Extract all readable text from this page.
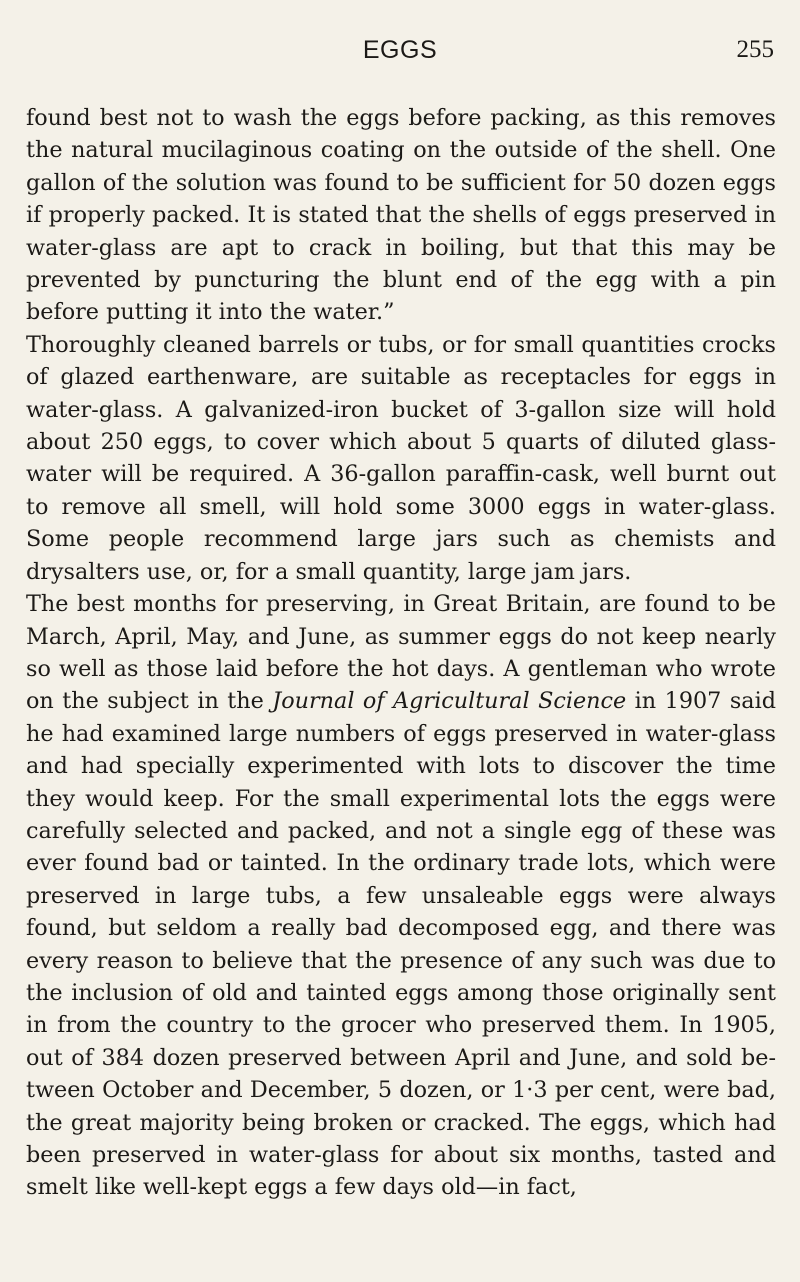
EGGS	255

found best not to wash the eggs before packing, as this removes the natural mucilaginous coating on the outside of the shell. One gallon of the solution was found to be sufficient for 50 dozen eggs if properly packed. It is stated that the shells of eggs preserved in water-glass are apt to crack in boiling, but that this may be prevented by puncturing the blunt end of the egg with a pin before putting it into the water.”

Thoroughly cleaned barrels or tubs, or for small quantities crocks of glazed earthenware, are suitable as receptacles for eggs in water-glass. A galvanized-iron bucket of 3-gallon size will hold about 250 eggs, to cover which about 5 quarts of diluted glass-water will be required. A 36-gallon paraffin-cask, well burnt out to remove all smell, will hold some 3000 eggs in water-glass. Some people recommend large jars such as chemists and drysalters use, or, for a small quantity, large jam jars.

The best months for preserving, in Great Britain, are found to be March, April, May, and June, as summer eggs do not keep nearly so well as those laid before the hot days. A gentleman who wrote on the subject in the Journal of Agricultural Science in 1907 said he had examined large numbers of eggs preserved in water-glass and had specially experimented with lots to discover the time they would keep. For the small experimental lots the eggs were carefully selected and packed, and not a single egg of these was ever found bad or tainted. In the ordinary trade lots, which were preserved in large tubs, a few unsaleable eggs were always found, but seldom a really bad decomposed egg, and there was every reason to believe that the presence of any such was due to the inclusion of old and tainted eggs among those originally sent in from the country to the grocer who preserved them. In 1905, out of 384 dozen preserved between April and June, and sold between October and December, 5 dozen, or 1·3 per cent, were bad, the great majority being broken or cracked. The eggs, which had been preserved in water-glass for about six months, tasted and smelt like well-kept eggs a few days old—in fact,
